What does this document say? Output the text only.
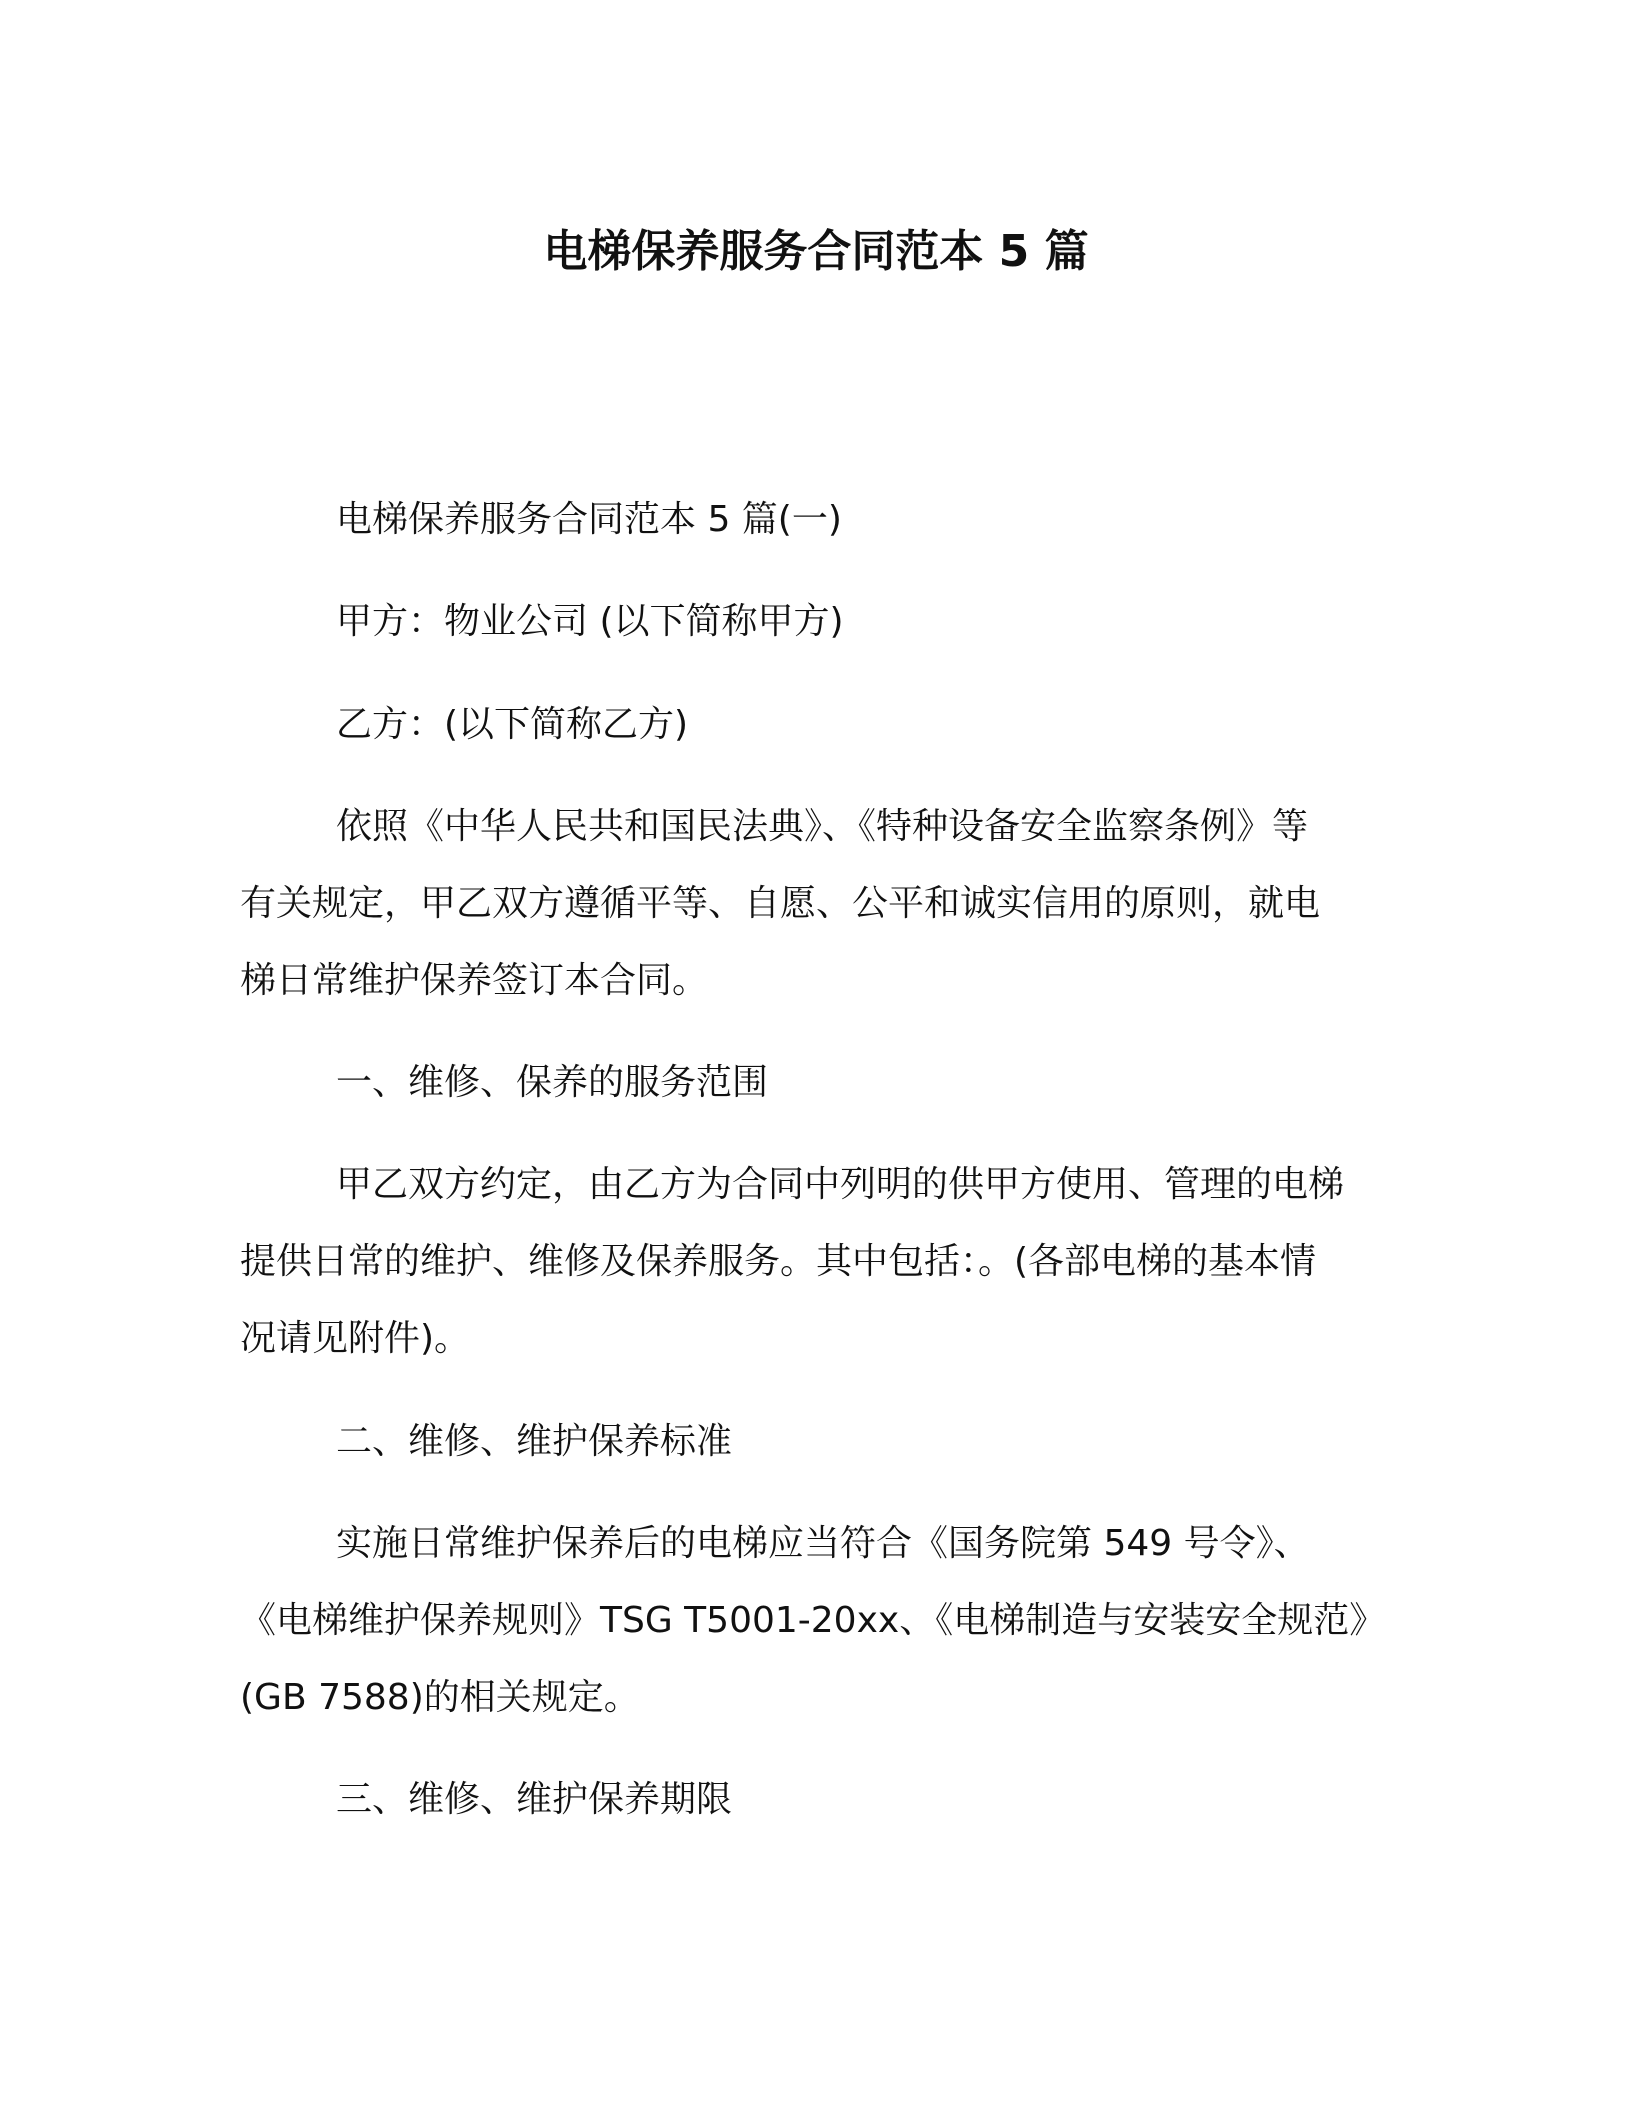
电梯保养服务合同范本 5 篇

电梯保养服务合同范本 5 篇(一)

甲方：物业公司 (以下简称甲方)

乙方：(以下简称乙方)

依照《中华人民共和国民法典》、《特种设备安全监察条例》等

有关规定，甲乙双方遵循平等、自愿、公平和诚实信用的原则，就电

梯日常维护保养签订本合同。

一、维修、保养的服务范围

甲乙双方约定，由乙方为合同中列明的供甲方使用、管理的电梯

提供日常的维护、维修及保养服务。其中包括：。(各部电梯的基本情

况请见附件)。

二、维修、维护保养标准

实施日常维护保养后的电梯应当符合《国务院第 549 号令》、

《电梯维护保养规则》TSG T5001-20xx、《电梯制造与安装安全规范》

(GB 7588)的相关规定。

三、维修、维护保养期限
